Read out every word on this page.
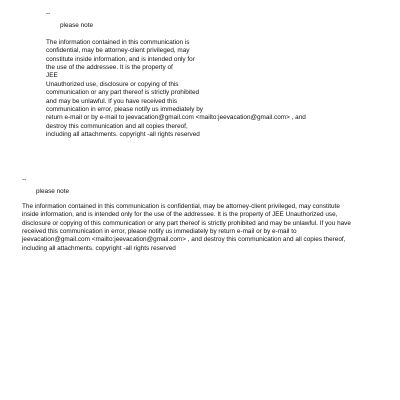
--
please note

The information contained in this communication is

confidential, may be attorney-client privileged, may

constitute inside information, and is intended only for

the use of the addressee. It is the property of

JEE

Unauthorized use, disclosure or copying of this

communication or any part thereof is strictly prohibited

and may be unlawful. If you have received this

communication in error, please notify us immediately by

return e-mail or by e-mail to jeevacation@gmail.com <mailto:jeevacation@gmail.com> , and

destroy this communication and all copies thereof,

including all attachments. copyright -all rights reserved

--
please note

The information contained in this communication is confidential, may be attorney-client privileged, may constitute

inside information, and is intended only for the use of the addressee. It is the property of JEE Unauthorized use,

disclosure or copying of this communication or any part thereof is strictly prohibited and may be unlawful. If you have

received this communication in error, please notify us immediately by return e-mail or by e-mail to

jeevacation@gmail.com <mailto:jeevacation@gmail.com> , and destroy this communication and all copies thereof,

including all attachments. copyright -all rights reserved
